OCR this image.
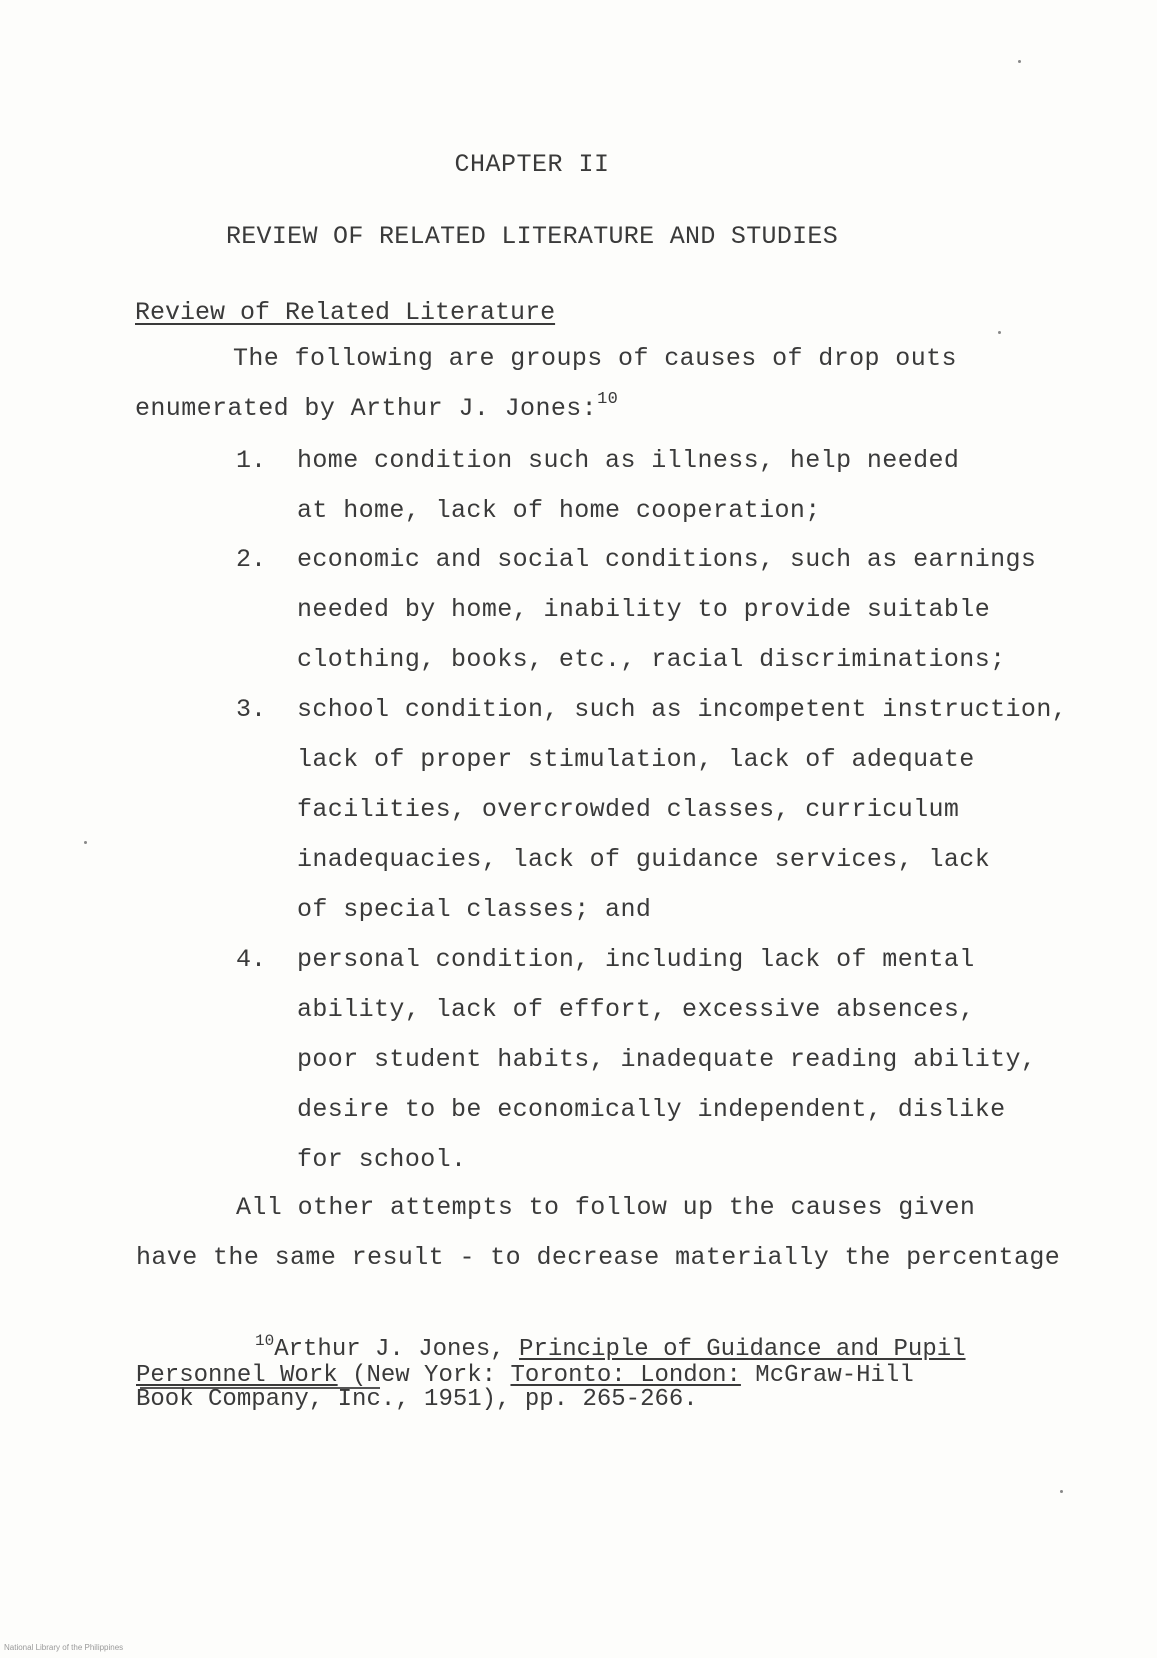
CHAPTER II
REVIEW OF RELATED LITERATURE AND STUDIES
Review of Related Literature
The following are groups of causes of drop outs
enumerated by Arthur J. Jones:$^{10}$
1. home condition such as illness, help needed
at home, lack of home cooperation;
2. economic and social conditions, such as earnings
needed by home, inability to provide suitable
clothing, books, etc., racial discriminations;
3. school condition, such as incompetent instruction,
lack of proper stimulation, lack of adequate
facilities, overcrowded classes, curriculum
inadequacies, lack of guidance services, lack
of special classes; and
4. personal condition, including lack of mental
ability, lack of effort, excessive absences,
poor student habits, inadequate reading ability,
desire to be economically independent, dislike
for school.
All other attempts to follow up the causes given
have the same result - to decrease materially the percentage
$^{10}$Arthur J. Jones, Principle of Guidance and Pupil
Personnel Work (New York: Toronto: London: McGraw-Hill
Book Company, Inc., 1951), pp. 265-266.
National Library of the Philippines
